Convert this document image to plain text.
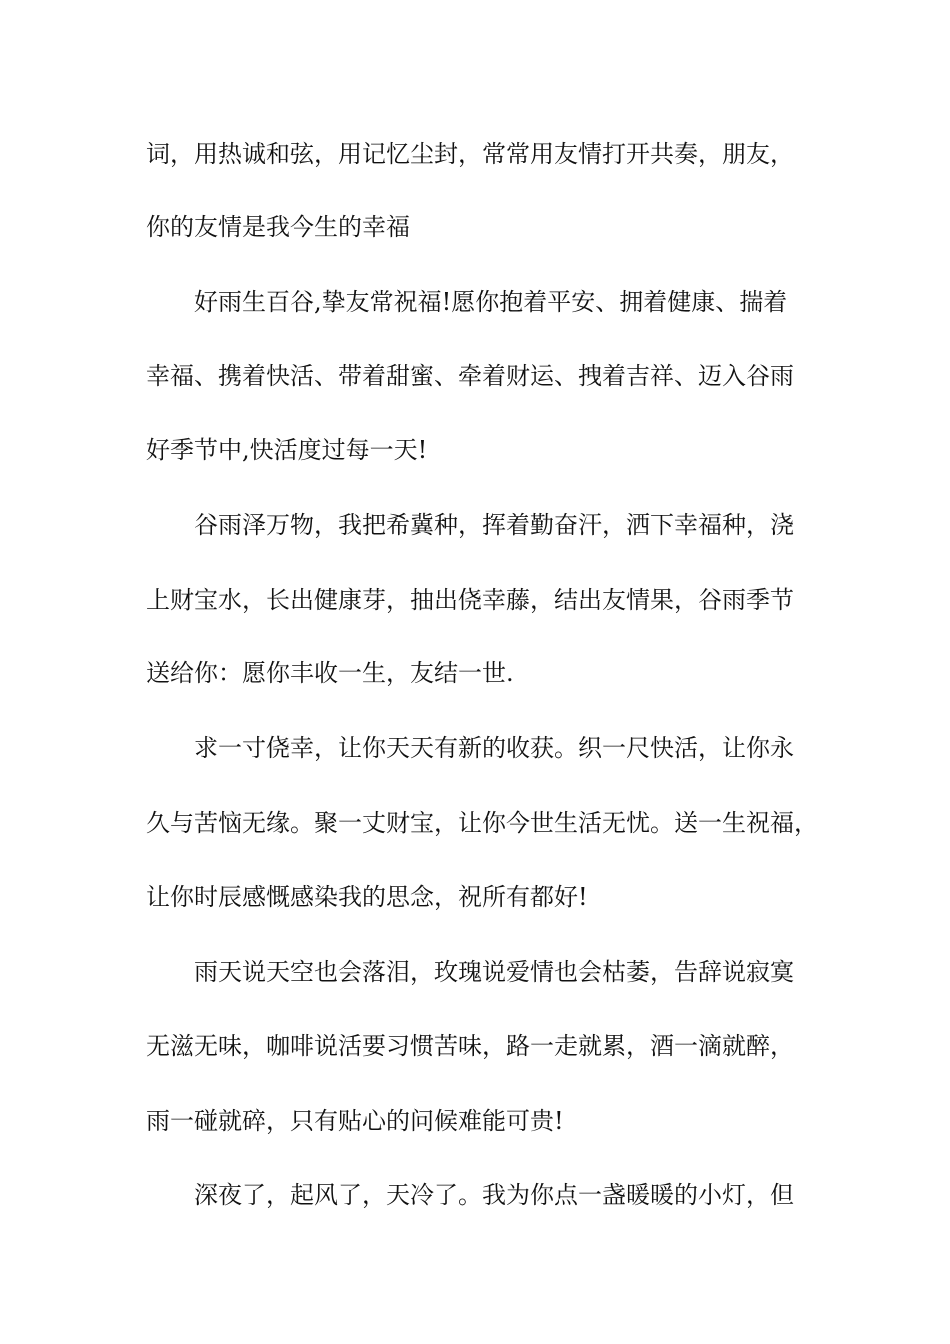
词，用热诚和弦，用记忆尘封，常常用友情打开共奏，朋友，
你的友情是我今生的幸福
好雨生百谷,挚友常祝福!愿你抱着平安、拥着健康、揣着
幸福、携着快活、带着甜蜜、牵着财运、拽着吉祥、迈入谷雨
好季节中,快活度过每一天!
谷雨泽万物，我把希冀种，挥着勤奋汗，洒下幸福种，浇
上财宝水，长出健康芽，抽出侥幸藤，结出友情果，谷雨季节
送给你：愿你丰收一生，友结一世.
求一寸侥幸，让你天天有新的收获。织一尺快活，让你永
久与苦恼无缘。聚一丈财宝，让你今世生活无忧。送一生祝福，
让你时辰感慨感染我的思念，祝所有都好!
雨天说天空也会落泪，玫瑰说爱情也会枯萎，告辞说寂寞
无滋无味，咖啡说活要习惯苦味，路一走就累，酒一滴就醉，
雨一碰就碎，只有贴心的问候难能可贵!
深夜了，起风了，天冷了。我为你点一盏暖暖的小灯，但
